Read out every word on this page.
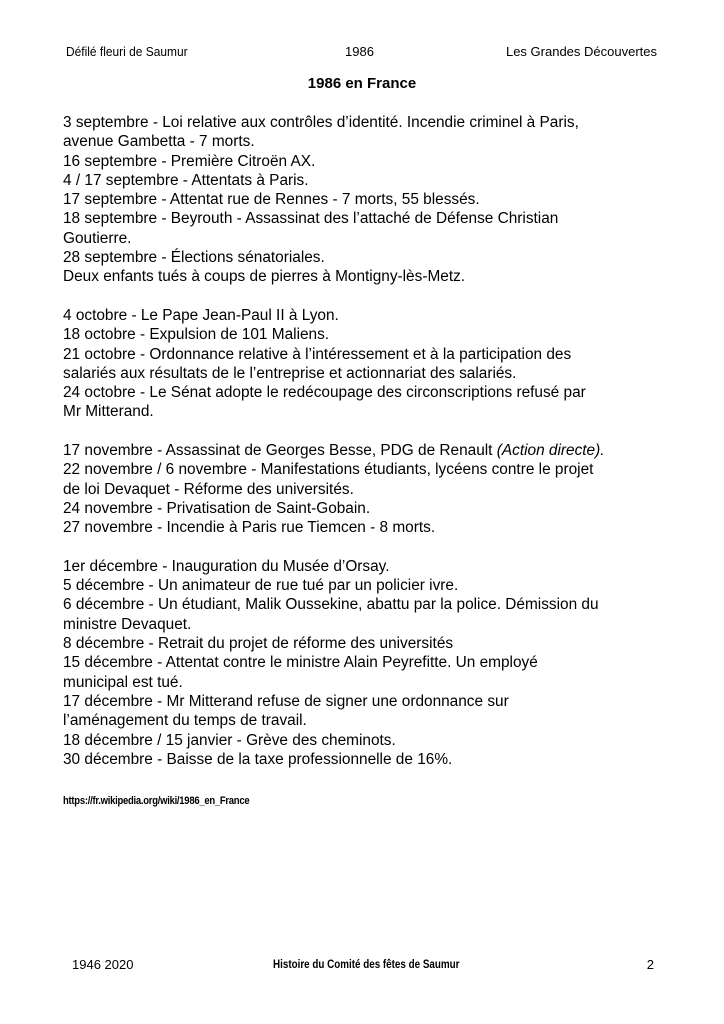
Défilé fleuri de Saumur	1986	Les Grandes Découvertes
1986 en France
3 septembre - Loi relative aux contrôles d’identité. Incendie criminel à Paris,
avenue Gambetta - 7 morts.
16 septembre - Première Citroën AX.
4 / 17 septembre - Attentats à Paris.
17 septembre - Attentat rue de Rennes - 7 morts, 55 blessés.
18 septembre - Beyrouth - Assassinat des l’attaché de Défense Christian
Goutierre.
28 septembre - Élections sénatoriales.
Deux enfants tués à coups de pierres à Montigny-lès-Metz.
4 octobre - Le Pape Jean-Paul II à Lyon.
18 octobre - Expulsion de 101 Maliens.
21 octobre - Ordonnance relative à l’intéressement et à la participation des
salariés aux résultats de le l’entreprise et actionnariat des salariés.
24 octobre - Le Sénat adopte le redécoupage des circonscriptions refusé par
Mr Mitterand.
17 novembre - Assassinat de Georges Besse, PDG de Renault (Action directe).
22 novembre / 6 novembre - Manifestations étudiants, lycéens contre le projet
de loi Devaquet - Réforme des universités.
24 novembre - Privatisation de Saint-Gobain.
27 novembre - Incendie à Paris rue Tiemcen - 8 morts.
1er décembre - Inauguration du Musée d’Orsay.
5 décembre - Un animateur de rue tué par un policier ivre.
6 décembre - Un étudiant, Malik Oussekine, abattu par la police. Démission du
ministre Devaquet.
8 décembre - Retrait du projet de réforme des universités
15 décembre - Attentat contre le ministre Alain Peyrefitte. Un employé
municipal est tué.
17 décembre - Mr Mitterand refuse de signer une ordonnance sur
l’aménagement du temps de travail.
18 décembre / 15 janvier - Grève des cheminots.
30 décembre - Baisse de la taxe professionnelle de 16%.
https://fr.wikipedia.org/wiki/1986_en_France
1946 2020	Histoire du Comité des fêtes de Saumur	2
